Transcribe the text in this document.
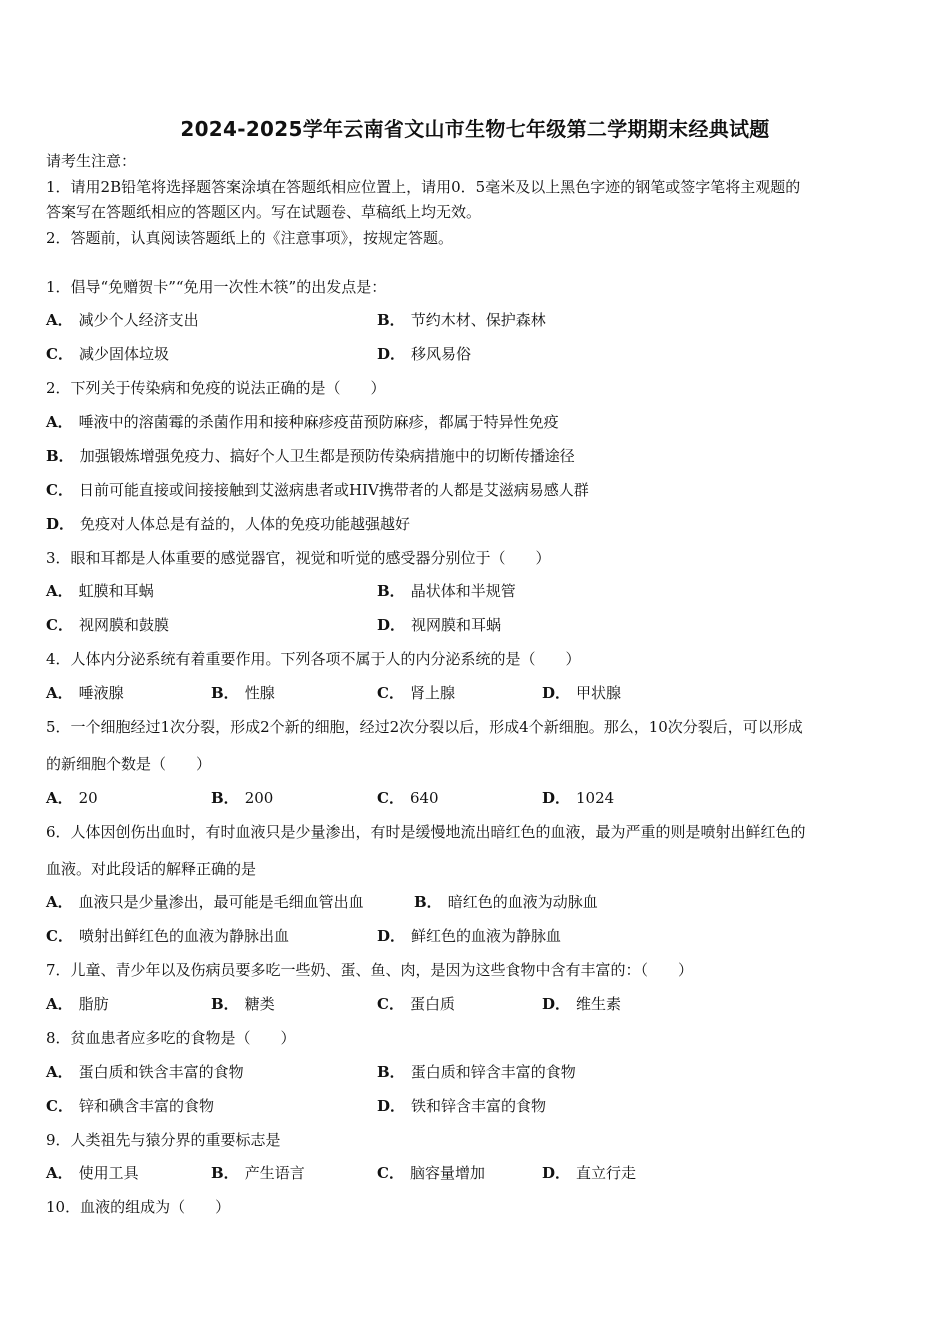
2024-2025学年云南省文山市生物七年级第二学期期末经典试题
请考生注意：
1．请用2B铅笔将选择题答案涂填在答题纸相应位置上，请用0．5毫米及以上黑色字迹的钢笔或签字笔将主观题的
答案写在答题纸相应的答题区内。写在试题卷、草稿纸上均无效。
2．答题前，认真阅读答题纸上的《注意事项》，按规定答题。
1．倡导“免赠贺卡”“免用一次性木筷”的出发点是：
A． 减少个人经济支出	B． 节约木材、保护森林
C． 减少固体垃圾	D． 移风易俗
2．下列关于传染病和免疫的说法正确的是（　　）
A． 唾液中的溶菌霉的杀菌作用和接种麻疹疫苗预防麻疹，都属于特异性免疫
B． 加强锻炼增强免疫力、搞好个人卫生都是预防传染病措施中的切断传播途径
C． 日前可能直接或间接接触到艾滋病患者或HIV携带者的人都是艾滋病易感人群
D． 免疫对人体总是有益的，人体的免疫功能越强越好
3．眼和耳都是人体重要的感觉器官，视觉和听觉的感受器分别位于（　　）
A． 虹膜和耳蜗	B． 晶状体和半规管
C． 视网膜和鼓膜	D． 视网膜和耳蜗
4．人体内分泌系统有着重要作用。下列各项不属于人的内分泌系统的是（　　）
A． 唾液腺	B． 性腺	C． 肾上腺	D． 甲状腺
5．一个细胞经过1次分裂，形成2个新的细胞，经过2次分裂以后，形成4个新细胞。那么，10次分裂后，可以形成
的新细胞个数是（　　）
A． 20	B． 200	C． 640	D． 1024
6．人体因创伤出血时，有时血液只是少量渗出，有时是缓慢地流出暗红色的血液，最为严重的则是喷射出鲜红色的
血液。对此段话的解释正确的是
A． 血液只是少量渗出，最可能是毛细血管出血	B． 暗红色的血液为动脉血
C． 喷射出鲜红色的血液为静脉出血	D． 鲜红色的血液为静脉血
7．儿童、青少年以及伤病员要多吃一些奶、蛋、鱼、肉，是因为这些食物中含有丰富的：（　　）
A． 脂肪	B． 糖类	C． 蛋白质	D． 维生素
8．贫血患者应多吃的食物是（　　）
A． 蛋白质和铁含丰富的食物	B． 蛋白质和锌含丰富的食物
C． 锌和碘含丰富的食物	D． 铁和锌含丰富的食物
9．人类祖先与猿分界的重要标志是
A． 使用工具	B． 产生语言	C． 脑容量增加	D． 直立行走
10．血液的组成为（　　）
